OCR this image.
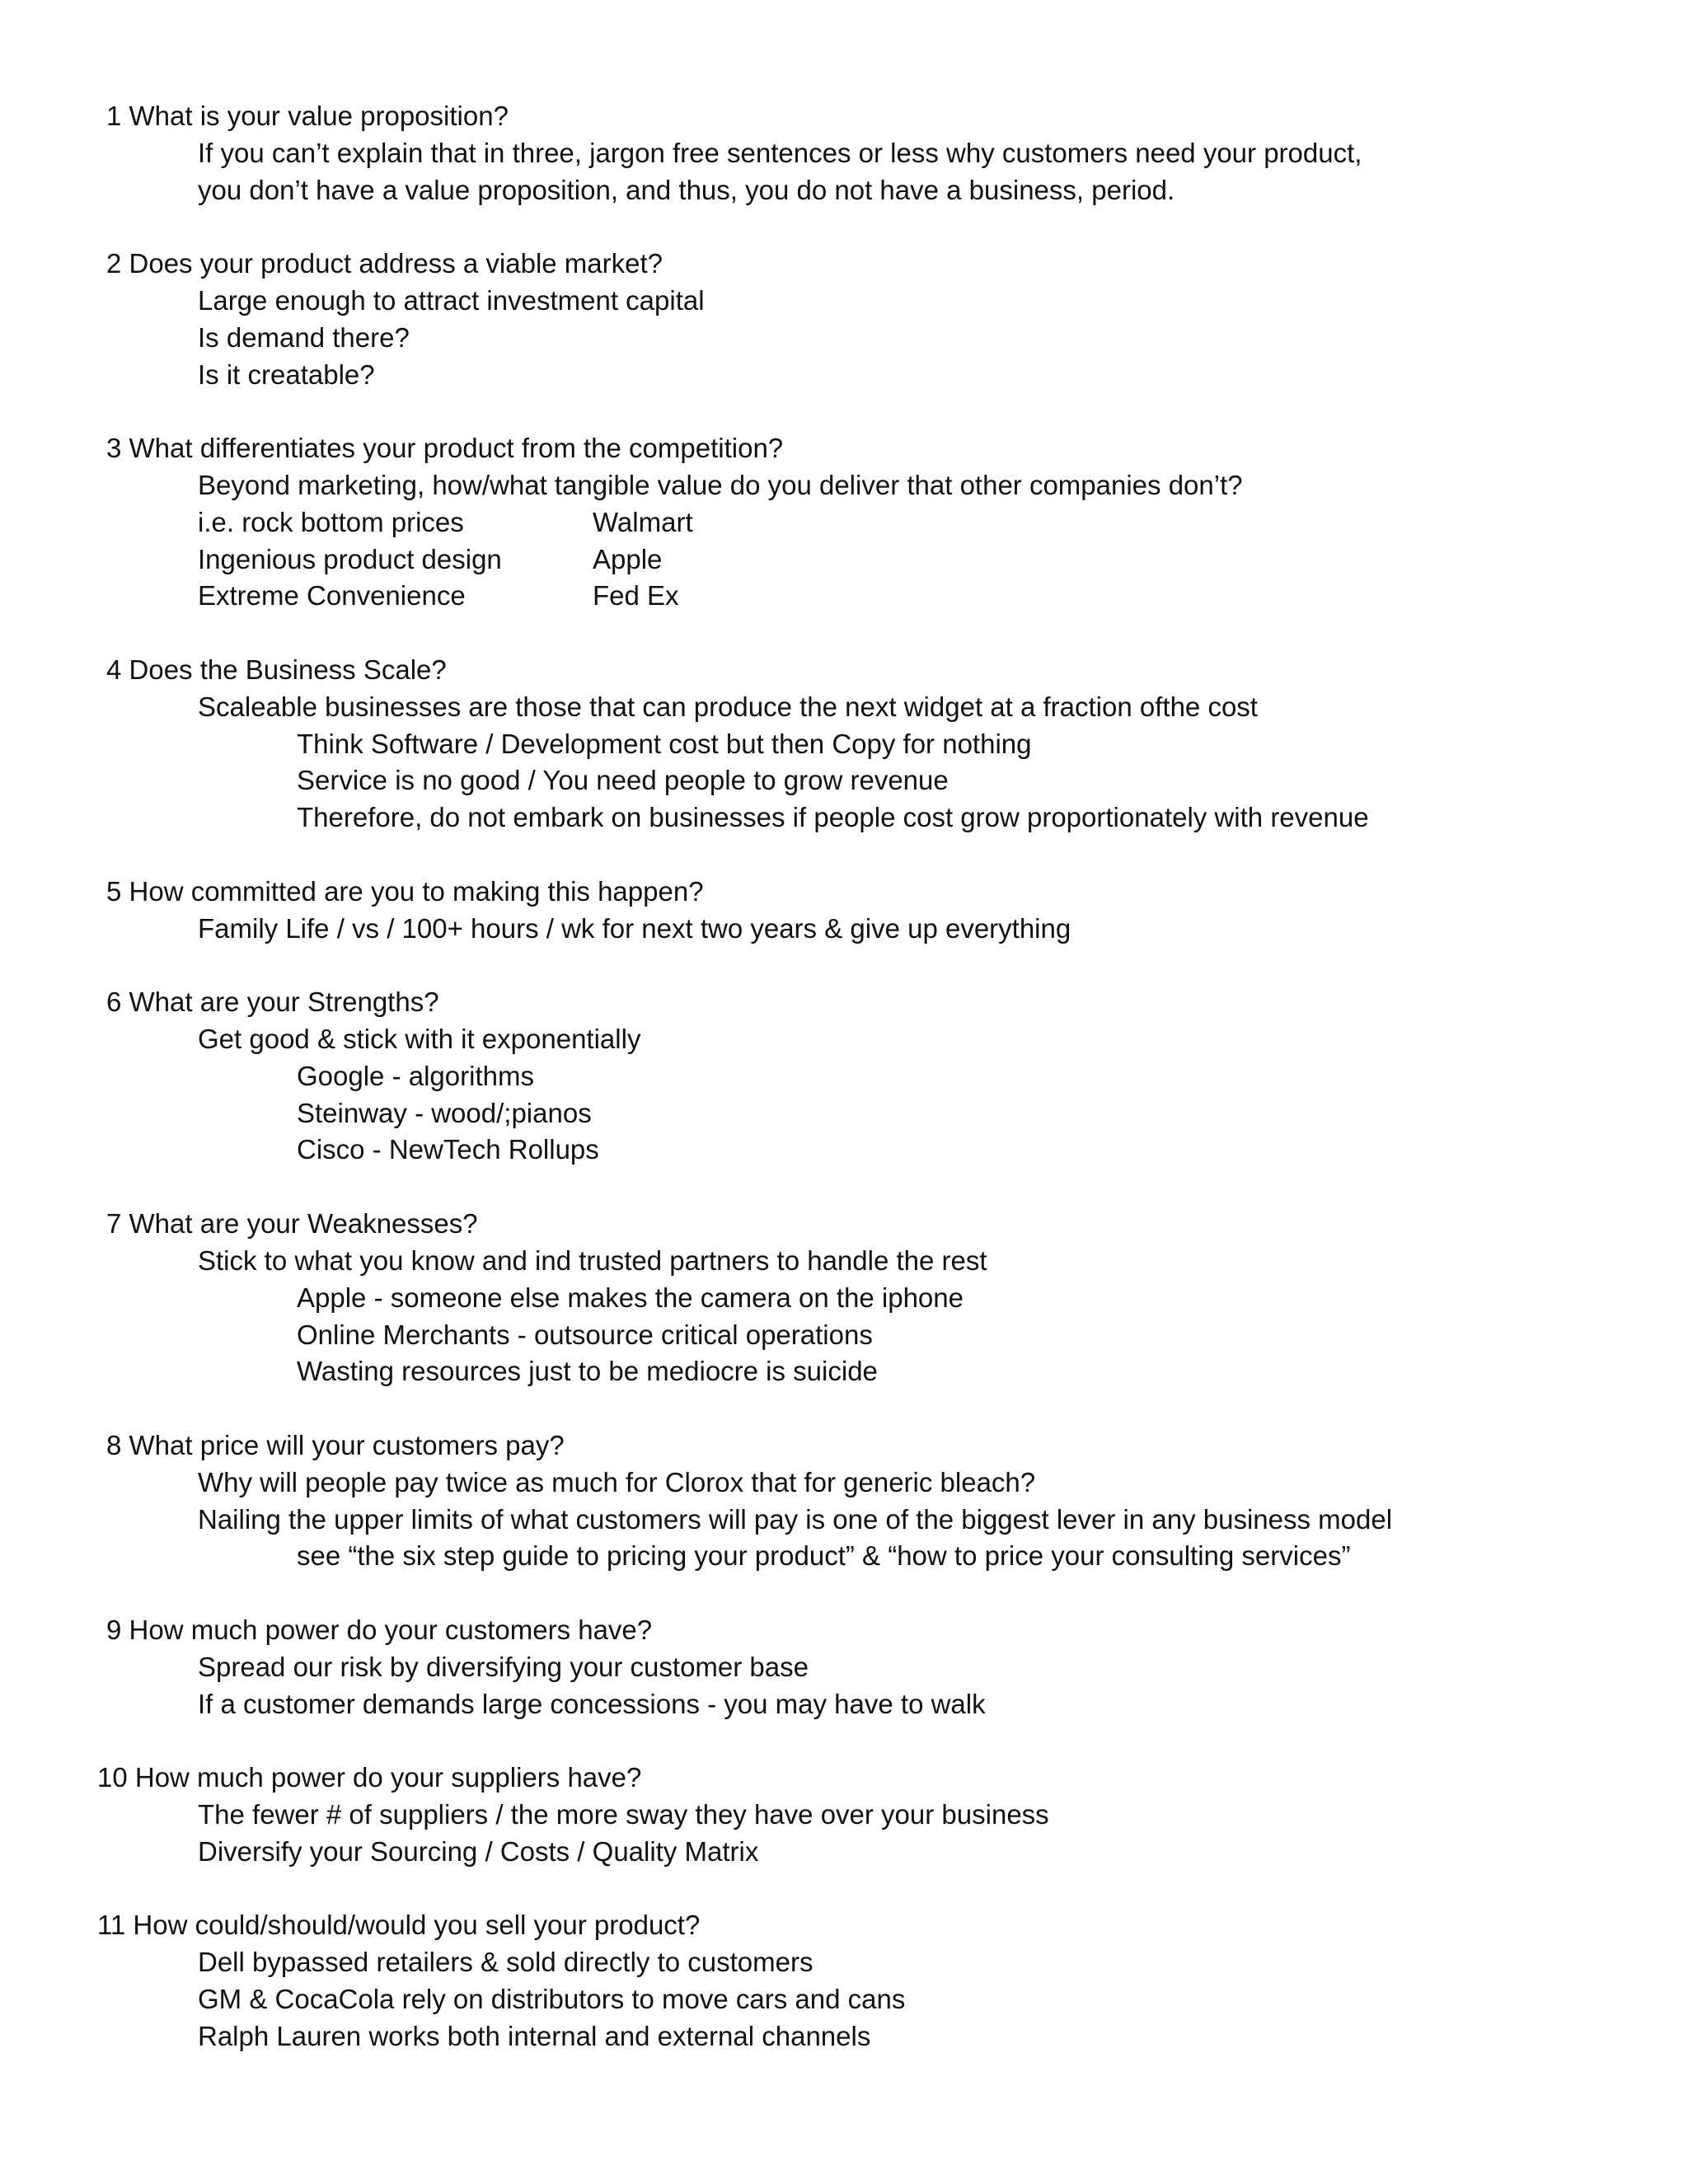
1 What is your value proposition?

If you can’t explain that in three, jargon free sentences or less why customers need your product,

you don’t have a value proposition, and thus, you do not have a business, period.

2 Does your product address a viable market?

Large enough to attract investment capital

Is demand there?

Is it creatable?

3 What differentiates your product from the competition?

Beyond marketing, how/what tangible value do you deliver that other companies don’t?

i.e. rock bottom prices	Walmart

Ingenious product design	Apple

Extreme Convenience	Fed Ex

4 Does the Business Scale?

Scaleable businesses are those that can produce the next widget at a fraction ofthe cost

Think Software / Development cost but then Copy for nothing

Service is no good / You need people to grow revenue

Therefore, do not embark on businesses if people cost grow proportionately with revenue

5 How committed are you to making this happen?

Family Life / vs / 100+ hours / wk for next two years & give up everything

6 What are your Strengths?

Get good & stick with it exponentially

Google - algorithms

Steinway - wood/;pianos

Cisco - NewTech Rollups

7 What are your Weaknesses?

Stick to what you know and ind trusted partners to handle the rest

Apple - someone else makes the camera on the iphone

Online Merchants - outsource critical operations

Wasting resources just to be mediocre is suicide

8 What price will your customers pay?

Why will people pay twice as much for Clorox that for generic bleach?

Nailing the upper limits of what customers will pay is one of the biggest lever in any business model

see “the six step guide to pricing your product” & “how to price your consulting services”

9 How much power do your customers have?

Spread our risk by diversifying your customer base

If a customer demands large concessions - you may have to walk

10 How much power do your suppliers have?

The fewer # of suppliers / the more sway they have over your business

Diversify your Sourcing / Costs / Quality Matrix

11 How could/should/would you sell your product?

Dell bypassed retailers & sold directly to customers

GM & CocaCola rely on distributors to move cars and cans

Ralph Lauren works both internal and external channels
